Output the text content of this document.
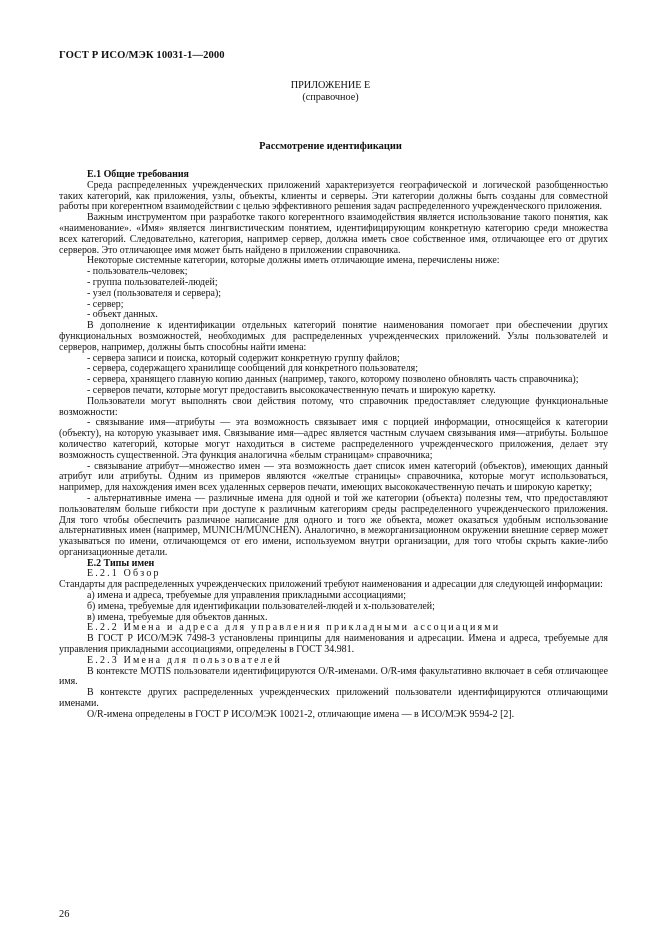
ГОСТ Р ИСО/МЭК 10031-1—2000
ПРИЛОЖЕНИЕ Е
(справочное)
Рассмотрение идентификации

Е.1 Общие требования

Среда распределенных учрежденческих приложений характеризуется географической и логической разобщенностью таких категорий, как приложения, узлы, объекты, клиенты и серверы. Эти категории должны быть созданы для совместной работы при когерентном взаимодействии с целью эффективного решения задач распределенного учрежденческого приложения.

Важным инструментом при разработке такого когерентного взаимодействия является использование такого понятия, как «наименование». «Имя» является лингвистическим понятием, идентифицирующим конкретную категорию среди множества всех категорий. Следовательно, категория, например сервер, должна иметь свое собственное имя, отличающее его от других серверов. Это отличающее имя может быть найдено в приложении справочника.

Некоторые системные категории, которые должны иметь отличающие имена, перечислены ниже:

- пользователь-человек;

- группа пользователей-людей;

- узел (пользователя и сервера);

- сервер;

- объект данных.

В дополнение к идентификации отдельных категорий понятие наименования помогает при обеспечении других функциональных возможностей, необходимых для распределенных учрежденческих приложений. Узлы пользователей и серверов, например, должны быть способны найти имена:

- сервера записи и поиска, который содержит конкретную группу файлов;

- сервера, содержащего хранилище сообщений для конкретного пользователя;

- сервера, хранящего главную копию данных (например, такого, которому позволено обновлять часть справочника);

- серверов печати, которые могут предоставить высококачественную печать и широкую каретку.

Пользователи могут выполнять свои действия потому, что справочник предоставляет следующие функциональные возможности:

- связывание имя—атрибуты — эта возможность связывает имя с порцией информации, относящейся к категории (объекту), на которую указывает имя. Связывание имя—адрес является частным случаем связывания имя—атрибуты. Большое количество категорий, которые могут находиться в системе распределенного учрежденческого приложения, делает эту возможность существенной. Эта функция аналогична «белым страницам» справочника;

- связывание атрибут—множество имен — эта возможность дает список имен категорий (объектов), имеющих данный атрибут или атрибуты. Одним из примеров являются «желтые страницы» справочника, которые могут использоваться, например, для нахождения имен всех удаленных серверов печати, имеющих высококачественную печать и широкую каретку;

- альтернативные имена — различные имена для одной и той же категории (объекта) полезны тем, что предоставляют пользователям больше гибкости при доступе к различным категориям среды распределенного учрежденческого приложения. Для того чтобы обеспечить различное написание для одного и того же объекта, может оказаться удобным использование альтернативных имен (например, MUNICH/MÜNCHEN). Аналогично, в межорганизационном окружении внешние сервер может указываться по имени, отличающемся от его имени, используемом внутри организации, для того чтобы скрыть какие-либо организационные детали.

Е.2 Типы имен

Е.2.1 Обзор

Стандарты для распределенных учрежденческих приложений требуют наименования и адресации для следующей информации:

а) имена и адреса, требуемые для управления прикладными ассоциациями;

б) имена, требуемые для идентификации пользователей-людей и х-пользователей;

в) имена, требуемые для объектов данных.

Е.2.2 Имена и адреса для управления прикладными ассоциациями

В ГОСТ Р ИСО/МЭК 7498-3 установлены принципы для наименования и адресации. Имена и адреса, требуемые для управления прикладными ассоциациями, определены в ГОСТ 34.981.

Е.2.3 Имена для пользователей

В контексте MOTIS пользователи идентифицируются O/R-именами. O/R-имя факультативно включает в себя отличающее имя.

В контексте других распределенных учрежденческих приложений пользователи идентифицируются отличающими именами.

O/R-имена определены в ГОСТ Р ИСО/МЭК 10021-2, отличающие имена — в ИСО/МЭК 9594-2 [2].

26
